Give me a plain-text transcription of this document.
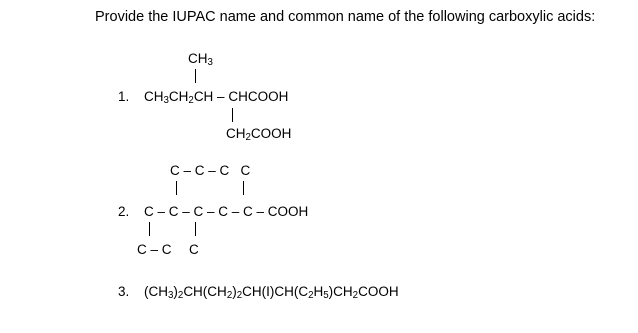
Provide the IUPAC name and common name of the following carboxylic acids:
$CH_3$
1. $CH_3CH_2CH$ – CHCOOH
$CH_2COOH$
C – C – C   C
2. C – C – C – C – C – COOH
C – C C
3. $(CH_3)_2CH(CH_2)_2CH(I)CH(C_2H_5)CH_2COOH$
